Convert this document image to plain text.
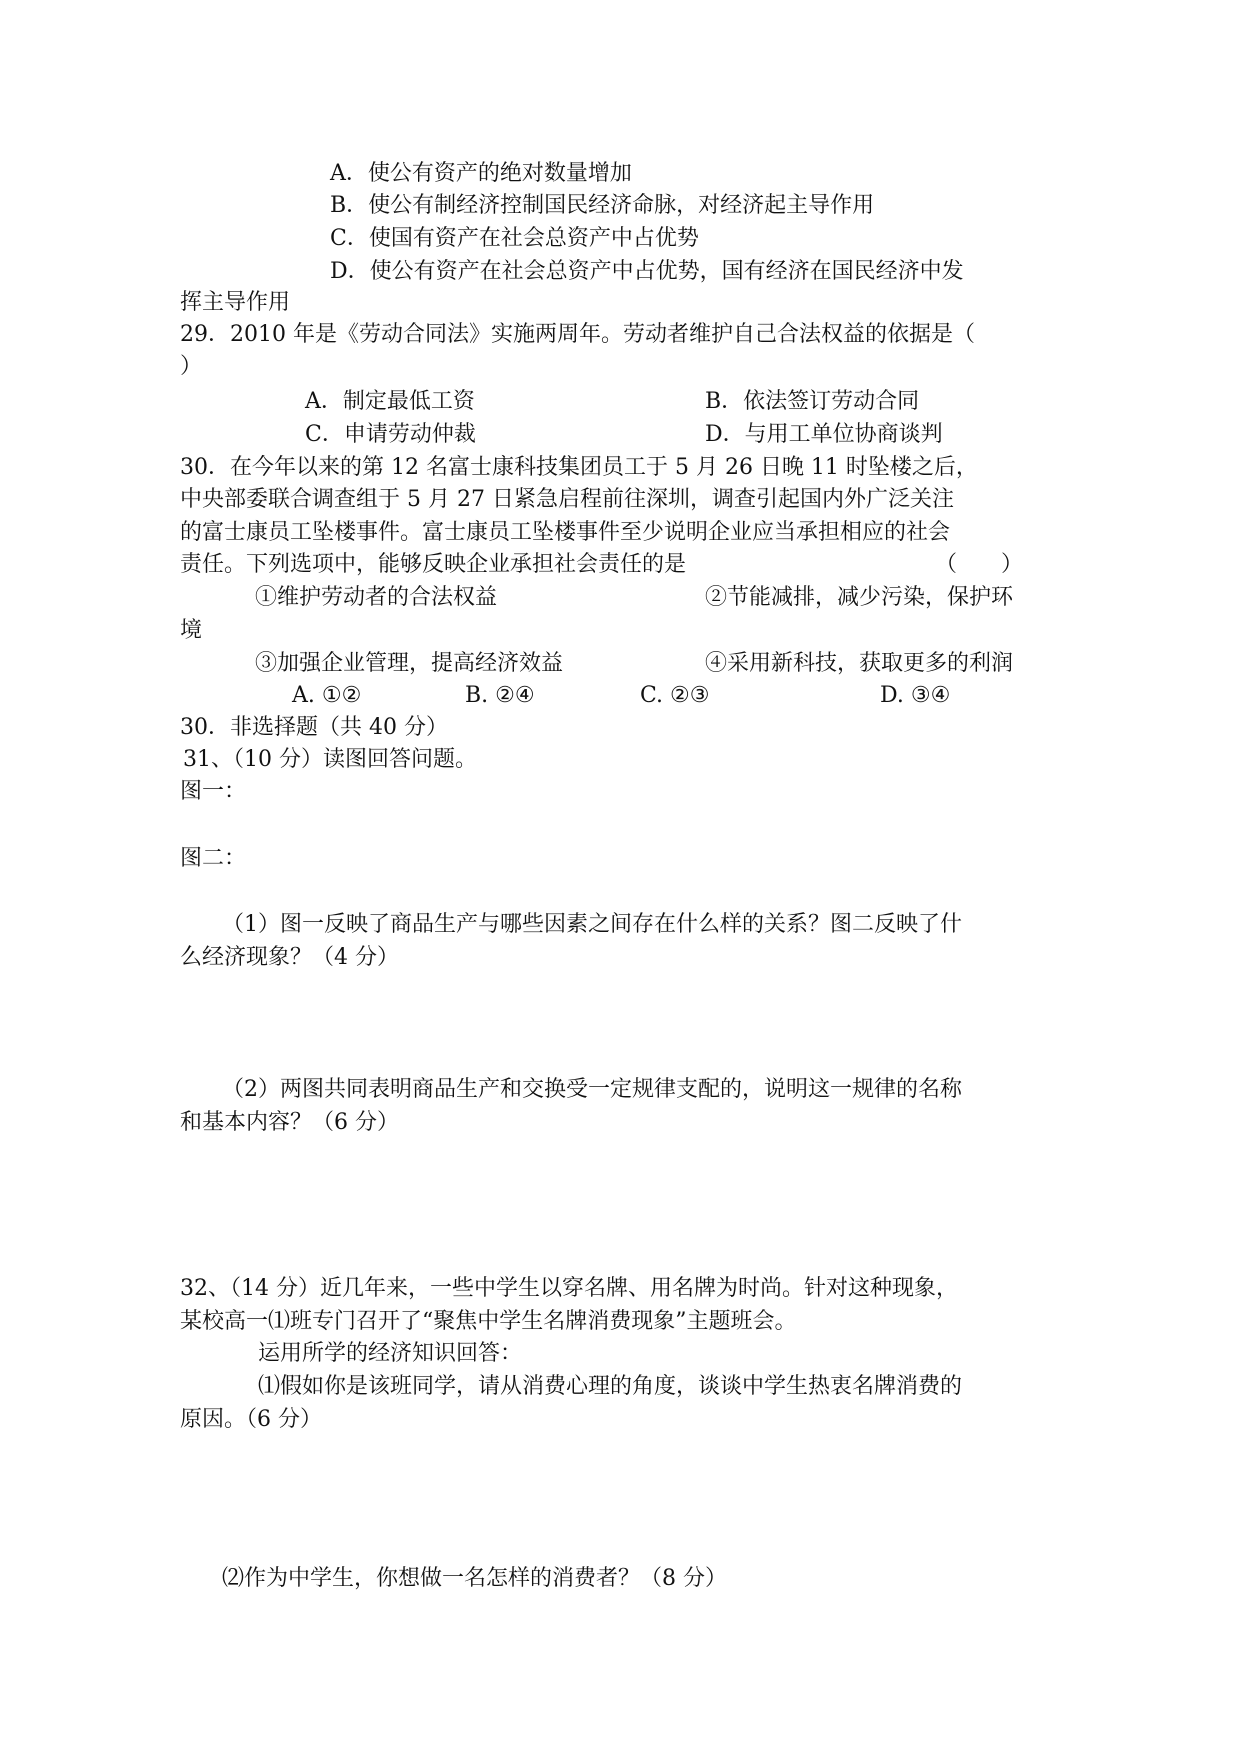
A．使公有资产的绝对数量增加
B．使公有制经济控制国民经济命脉，对经济起主导作用
C．使国有资产在社会总资产中占优势
D．使公有资产在社会总资产中占优势，国有经济在国民经济中发
挥主导作用
29．2010 年是《劳动合同法》实施两周年。劳动者维护自己合法权益的依据是（
）
A．制定最低工资	B．依法签订劳动合同
C．申请劳动仲裁	D．与用工单位协商谈判
30．在今年以来的第 12 名富士康科技集团员工于 5 月 26 日晚 11 时坠楼之后，
中央部委联合调查组于 5 月 27 日紧急启程前往深圳，调查引起国内外广泛关注
的富士康员工坠楼事件。富士康员工坠楼事件至少说明企业应当承担相应的社会
责任。下列选项中，能够反映企业承担社会责任的是	（　　）
①维护劳动者的合法权益	②节能减排，减少污染，保护环
境
③加强企业管理，提高经济效益	④采用新科技，获取更多的利润
A. ①②	B. ②④	C. ②③	D. ③④
30．非选择题（共 40 分）
31、（10 分）读图回答问题。
图一：
图二：
（1）图一反映了商品生产与哪些因素之间存在什么样的关系？图二反映了什
么经济现象？（4 分）
（2）两图共同表明商品生产和交换受一定规律支配的，说明这一规律的名称
和基本内容？（6 分）
32、（14 分）近几年来，一些中学生以穿名牌、用名牌为时尚。针对这种现象，
某校高一⑴班专门召开了“聚焦中学生名牌消费现象”主题班会。
运用所学的经济知识回答：
⑴假如你是该班同学，请从消费心理的角度，谈谈中学生热衷名牌消费的
原因。（6 分）
⑵作为中学生，你想做一名怎样的消费者？（8 分）
